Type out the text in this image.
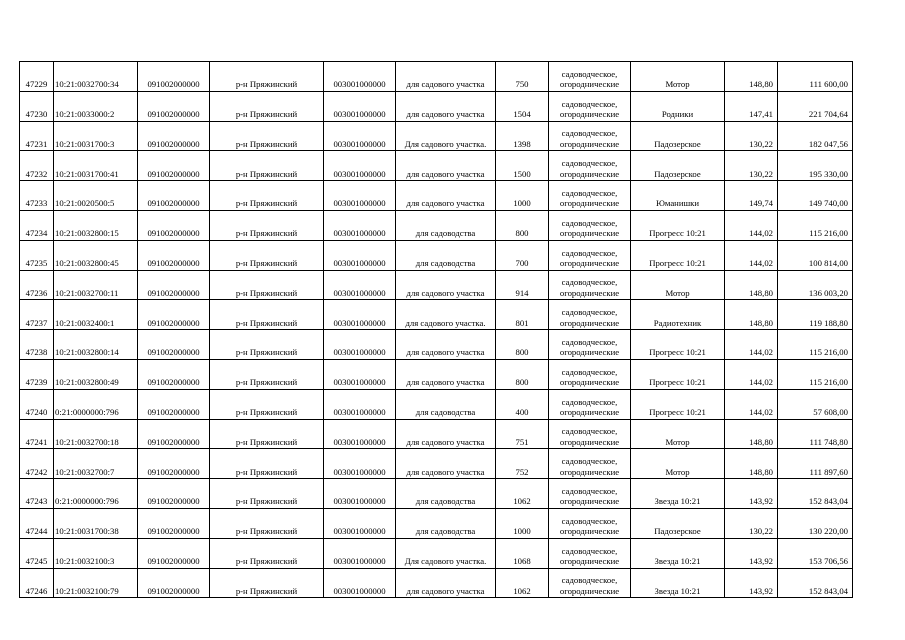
47229	10:21:0032700:34	091002000000	р-н Пряжинский	003001000000	для садового участка	750	садоводческое, огороднические	Мотор	148,80	111 600,00
47230	10:21:0033000:2	091002000000	р-н Пряжинский	003001000000	для садового участка	1504	садоводческое, огороднические	Родники	147,41	221 704,64
47231	10:21:0031700:3	091002000000	р-н Пряжинский	003001000000	Для садового участка.	1398	садоводческое, огороднические	Падозерское	130,22	182 047,56
47232	10:21:0031700:41	091002000000	р-н Пряжинский	003001000000	для садового участка	1500	садоводческое, огороднические	Падозерское	130,22	195 330,00
47233	10:21:0020500:5	091002000000	р-н Пряжинский	003001000000	для садового участка	1000	садоводческое, огороднические	Юманишки	149,74	149 740,00
47234	10:21:0032800:15	091002000000	р-н Пряжинский	003001000000	для садоводства	800	садоводческое, огороднические	Прогресс 10:21	144,02	115 216,00
47235	10:21:0032800:45	091002000000	р-н Пряжинский	003001000000	для садоводства	700	садоводческое, огороднические	Прогресс 10:21	144,02	100 814,00
47236	10:21:0032700:11	091002000000	р-н Пряжинский	003001000000	для садового участка	914	садоводческое, огороднические	Мотор	148,80	136 003,20
47237	10:21:0032400:1	091002000000	р-н Пряжинский	003001000000	для садового участка.	801	садоводческое, огороднические	Радиотехник	148,80	119 188,80
47238	10:21:0032800:14	091002000000	р-н Пряжинский	003001000000	для садового участка	800	садоводческое, огороднические	Прогресс 10:21	144,02	115 216,00
47239	10:21:0032800:49	091002000000	р-н Пряжинский	003001000000	для садового участка	800	садоводческое, огороднические	Прогресс 10:21	144,02	115 216,00
47240	0:21:0000000:796	091002000000	р-н Пряжинский	003001000000	для садоводства	400	садоводческое, огороднические	Прогресс 10:21	144,02	57 608,00
47241	10:21:0032700:18	091002000000	р-н Пряжинский	003001000000	для садового участка	751	садоводческое, огороднические	Мотор	148,80	111 748,80
47242	10:21:0032700:7	091002000000	р-н Пряжинский	003001000000	для садового участка	752	садоводческое, огороднические	Мотор	148,80	111 897,60
47243	0:21:0000000:796	091002000000	р-н Пряжинский	003001000000	для садоводства	1062	садоводческое, огороднические	Звезда 10:21	143,92	152 843,04
47244	10:21:0031700:38	091002000000	р-н Пряжинский	003001000000	для садоводства	1000	садоводческое, огороднические	Падозерское	130,22	130 220,00
47245	10:21:0032100:3	091002000000	р-н Пряжинский	003001000000	Для садового участка.	1068	садоводческое, огороднические	Звезда 10:21	143,92	153 706,56
47246	10:21:0032100:79	091002000000	р-н Пряжинский	003001000000	для садового участка	1062	садоводческое, огороднические	Звезда 10:21	143,92	152 843,04
